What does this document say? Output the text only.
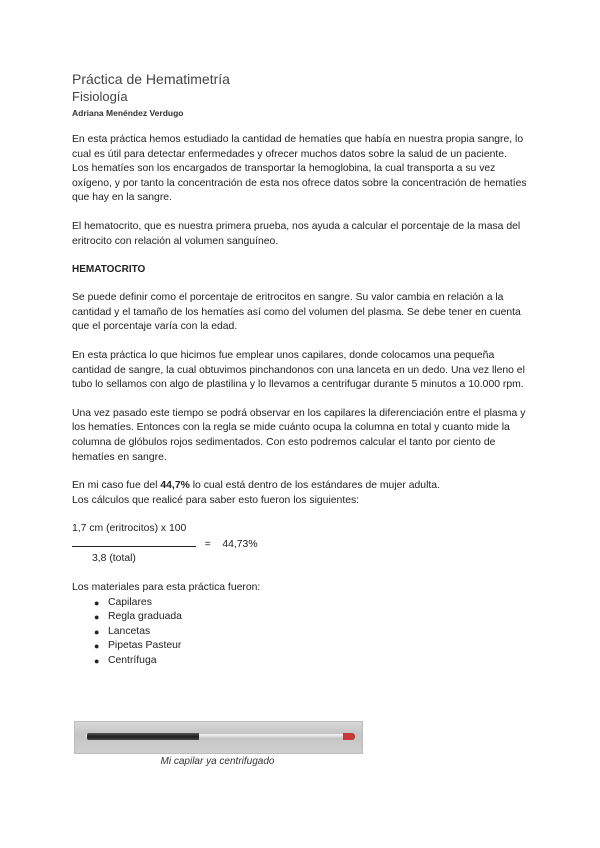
Práctica de Hematimetría
Fisiología
Adriana Menéndez Verdugo

En esta práctica hemos estudiado la cantidad de hematíes que había en nuestra propia sangre, lo cual es útil para detectar enfermedades y ofrecer muchos datos sobre la salud de un paciente.

Los hematíes son los encargados de transportar la hemoglobina, la cual transporta a su vez oxígeno, y por tanto la concentración de esta nos ofrece datos sobre la concentración de hematíes que hay en la sangre.

El hematocrito, que es nuestra primera prueba, nos ayuda a calcular el porcentaje de la masa del eritrocito con relación al volumen sanguíneo.

HEMATOCRITO

Se puede definir como el porcentaje de eritrocitos en sangre. Su valor cambia en relación a la cantidad y el tamaño de los hematíes así como del volumen del plasma. Se debe tener en cuenta que el porcentaje varía con la edad.

En esta práctica lo que hicimos fue emplear unos capilares, donde colocamos una pequeña cantidad de sangre, la cual obtuvimos pinchandonos con una lanceta en un dedo. Una vez lleno el tubo lo sellamos con algo de plastilina y lo llevamos a centrifugar durante 5 minutos a 10.000 rpm.

Una vez pasado este tiempo se podrá observar en los capilares la diferenciación entre el plasma y los hematíes. Entonces con la regla se mide cuánto ocupa la columna en total y cuanto mide la columna de glóbulos rojos sedimentados. Con esto podremos calcular el tanto por ciento de hematíes en sangre.

En mi caso fue del 44,7% lo cual está dentro de los estándares de mujer adulta.

Los cálculos que realicé para saber esto fueron los siguientes:

1,7 cm (eritrocitos) x 100
= 44,73%
3,8 (total)

Los materiales para esta práctica fueron:

● Capilares
● Regla graduada
● Lancetas
● Pipetas Pasteur
● Centrífuga
Mi capilar ya centrifugado
